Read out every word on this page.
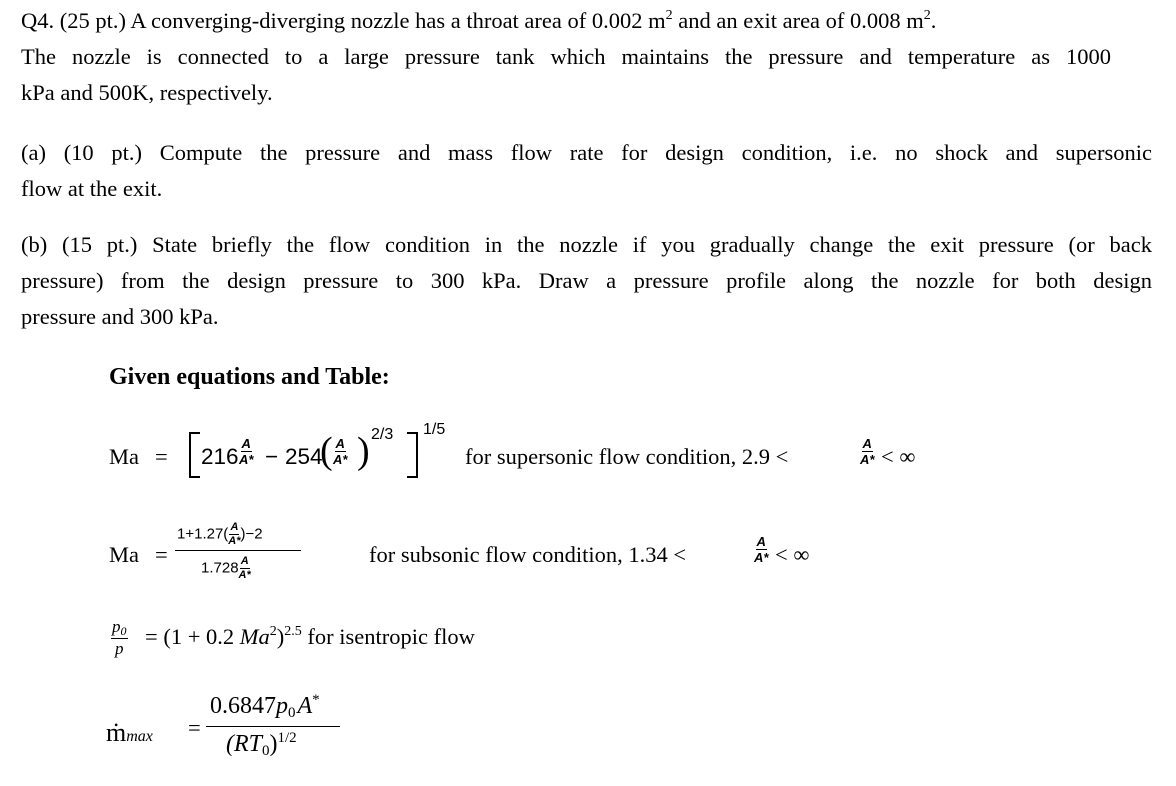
Q4. (25 pt.) A converging-diverging nozzle has a throat area of 0.002 $m^2$ and an exit area of 0.008 $m^2$.
The nozzle is connected to a large pressure tank which maintains the pressure and temperature as 1000
kPa and 500K, respectively.
(a) (10 pt.) Compute the pressure and mass flow rate for design condition, i.e. no shock and supersonic
flow at the exit.
(b) (15 pt.) State briefly the flow condition in the nozzle if you gradually change the exit pressure (or back
pressure) from the design pressure to 300 kPa. Draw a pressure profile along the nozzle for both design
pressure and 300 kPa.
Given equations and Table:
$Ma = 216 \frac{A}{A*} - 254$
( $\frac{A}{A*}$ ) 2/3 1/5
for supersonic flow condition, 2.9 <	$\frac{A}{A*}$ < ∞
Ma =
$1+1.27( \frac{A}{A*} )-2$
$1.728 \frac{A}{A*}$
for subsonic flow condition, 1.34 <	$\frac{A}{A*}$ < ∞
$\frac{p0}{p} = (1 + 0.2$ Ma$^2$)$^{2.5}$ for isentropic flow
ṁmax =
0.6847p0A*
$(RT0)^{1/2}$
